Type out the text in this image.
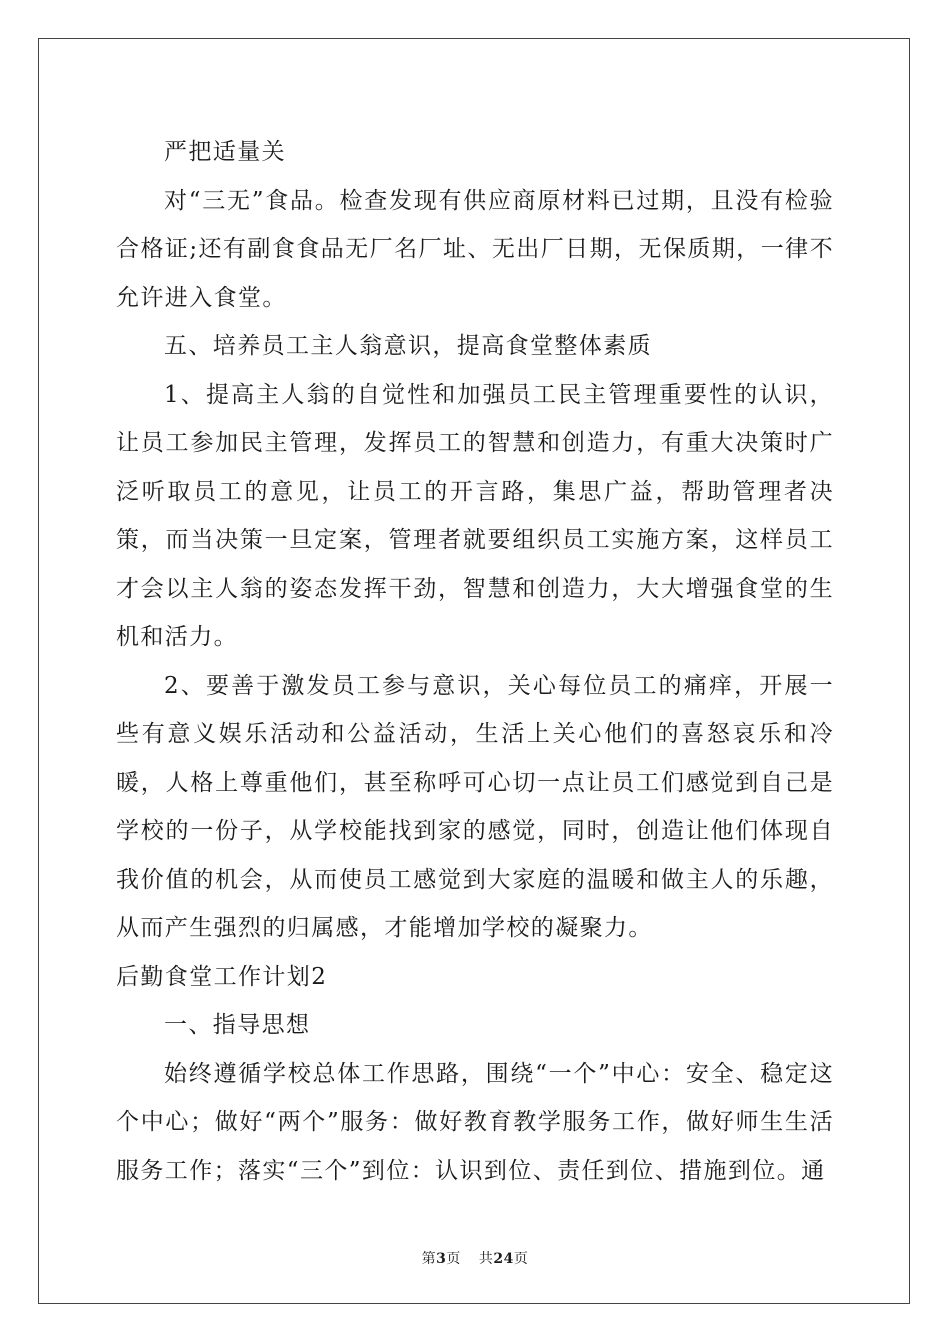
严把适量关

对“三无”食品。检查发现有供应商原材料已过期，且没有检验合格证;还有副食食品无厂名厂址、无出厂日期，无保质期，一律不允许进入食堂。

五、培养员工主人翁意识，提高食堂整体素质

1、提高主人翁的自觉性和加强员工民主管理重要性的认识，让员工参加民主管理，发挥员工的智慧和创造力，有重大决策时广泛听取员工的意见，让员工的开言路，集思广益，帮助管理者决策，而当决策一旦定案，管理者就要组织员工实施方案，这样员工才会以主人翁的姿态发挥干劲，智慧和创造力，大大增强食堂的生机和活力。

2、要善于激发员工参与意识，关心每位员工的痛痒，开展一些有意义娱乐活动和公益活动，生活上关心他们的喜怒哀乐和冷暖，人格上尊重他们，甚至称呼可心切一点让员工们感觉到自己是学校的一份子，从学校能找到家的感觉，同时，创造让他们体现自我价值的机会，从而使员工感觉到大家庭的温暖和做主人的乐趣，从而产生强烈的归属感，才能增加学校的凝聚力。

后勤食堂工作计划2

一、指导思想

始终遵循学校总体工作思路，围绕“一个”中心：安全、稳定这个中心；做好“两个”服务：做好教育教学服务工作，做好师生生活服务工作；落实“三个”到位：认识到位、责任到位、措施到位。通

第3页 共24页
